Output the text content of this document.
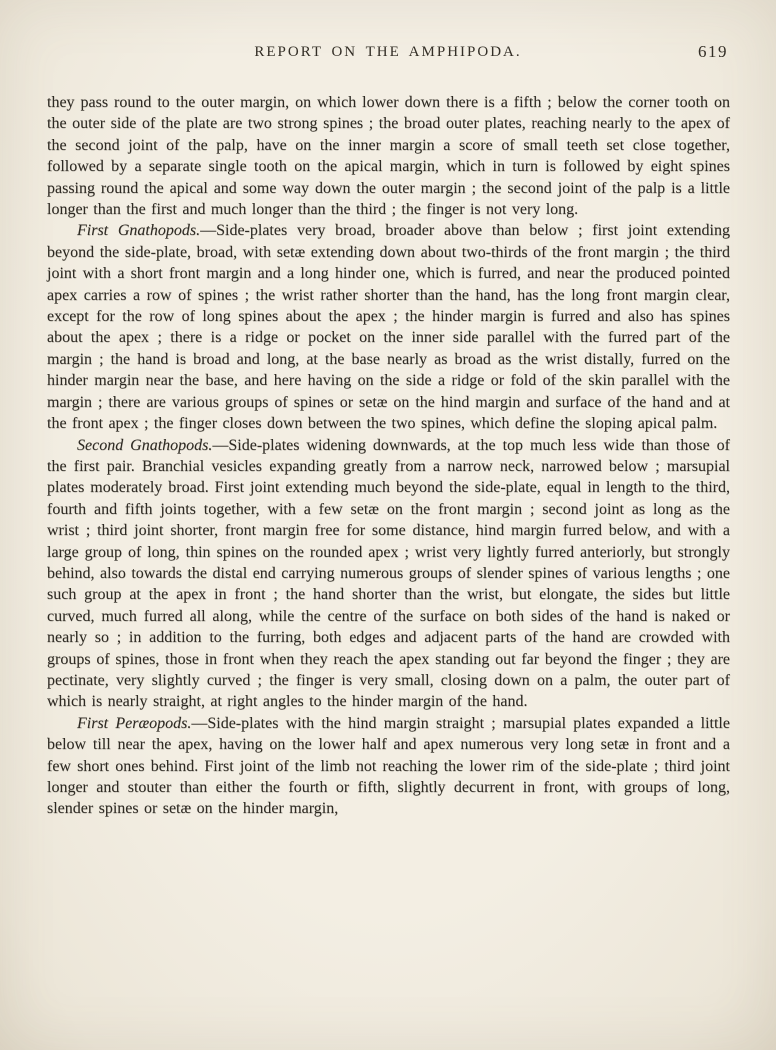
REPORT ON THE AMPHIPODA.	619

they pass round to the outer margin, on which lower down there is a fifth ; below the corner tooth on the outer side of the plate are two strong spines ; the broad outer plates, reaching nearly to the apex of the second joint of the palp, have on the inner margin a score of small teeth set close together, followed by a separate single tooth on the apical margin, which in turn is followed by eight spines passing round the apical and some way down the outer margin ; the second joint of the palp is a little longer than the first and much longer than the third ; the finger is not very long.

First Gnathopods.—Side-plates very broad, broader above than below ; first joint extending beyond the side-plate, broad, with setæ extending down about two-thirds of the front margin ; the third joint with a short front margin and a long hinder one, which is furred, and near the produced pointed apex carries a row of spines ; the wrist rather shorter than the hand, has the long front margin clear, except for the row of long spines about the apex ; the hinder margin is furred and also has spines about the apex ; there is a ridge or pocket on the inner side parallel with the furred part of the margin ; the hand is broad and long, at the base nearly as broad as the wrist distally, furred on the hinder margin near the base, and here having on the side a ridge or fold of the skin parallel with the margin ; there are various groups of spines or setæ on the hind margin and surface of the hand and at the front apex ; the finger closes down between the two spines, which define the sloping apical palm.

Second Gnathopods.—Side-plates widening downwards, at the top much less wide than those of the first pair. Branchial vesicles expanding greatly from a narrow neck, narrowed below ; marsupial plates moderately broad. First joint extending much beyond the side-plate, equal in length to the third, fourth and fifth joints together, with a few setæ on the front margin ; second joint as long as the wrist ; third joint shorter, front margin free for some distance, hind margin furred below, and with a large group of long, thin spines on the rounded apex ; wrist very lightly furred anteriorly, but strongly behind, also towards the distal end carrying numerous groups of slender spines of various lengths ; one such group at the apex in front ; the hand shorter than the wrist, but elongate, the sides but little curved, much furred all along, while the centre of the surface on both sides of the hand is naked or nearly so ; in addition to the furring, both edges and adjacent parts of the hand are crowded with groups of spines, those in front when they reach the apex standing out far beyond the finger ; they are pectinate, very slightly curved ; the finger is very small, closing down on a palm, the outer part of which is nearly straight, at right angles to the hinder margin of the hand.

First Peræopods.—Side-plates with the hind margin straight ; marsupial plates expanded a little below till near the apex, having on the lower half and apex numerous very long setæ in front and a few short ones behind. First joint of the limb not reaching the lower rim of the side-plate ; third joint longer and stouter than either the fourth or fifth, slightly decurrent in front, with groups of long, slender spines or setæ on the hinder margin,
